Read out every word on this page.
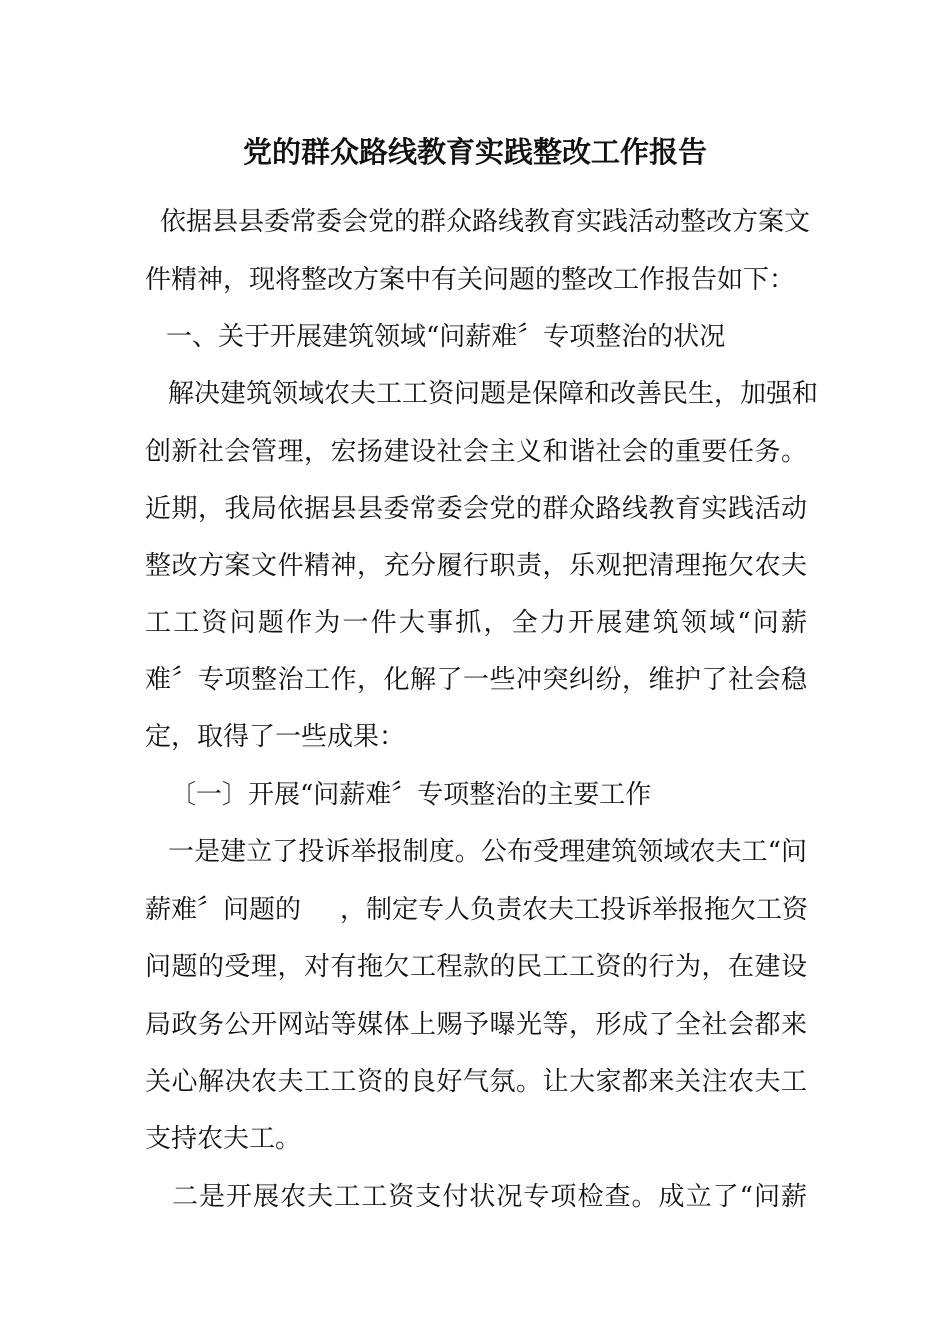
党的群众路线教育实践整改工作报告
依据县县委常委会党的群众路线教育实践活动整改方案文
件精神，现将整改方案中有关问题的整改工作报告如下：
一、关于开展建筑领域“问薪难〞专项整治的状况
解决建筑领域农夫工工资问题是保障和改善民生，加强和
创新社会管理，宏扬建设社会主义和谐社会的重要任务。
近期，我局依据县县委常委会党的群众路线教育实践活动
整改方案文件精神，充分履行职责，乐观把清理拖欠农夫
工工资问题作为一件大事抓，全力开展建筑领域“问薪
难〞专项整治工作，化解了一些冲突纠纷，维护了社会稳
定，取得了一些成果：
〔一〕开展“问薪难〞专项整治的主要工作
一是建立了投诉举报制度。公布受理建筑领域农夫工“问
薪难〞问题的 ，制定专人负责农夫工投诉举报拖欠工资
问题的受理，对有拖欠工程款的民工工资的行为，在建设
局政务公开网站等媒体上赐予曝光等，形成了全社会都来
关心解决农夫工工资的良好气氛。让大家都来关注农夫工
支持农夫工。
二是开展农夫工工资支付状况专项检查。成立了“问薪
